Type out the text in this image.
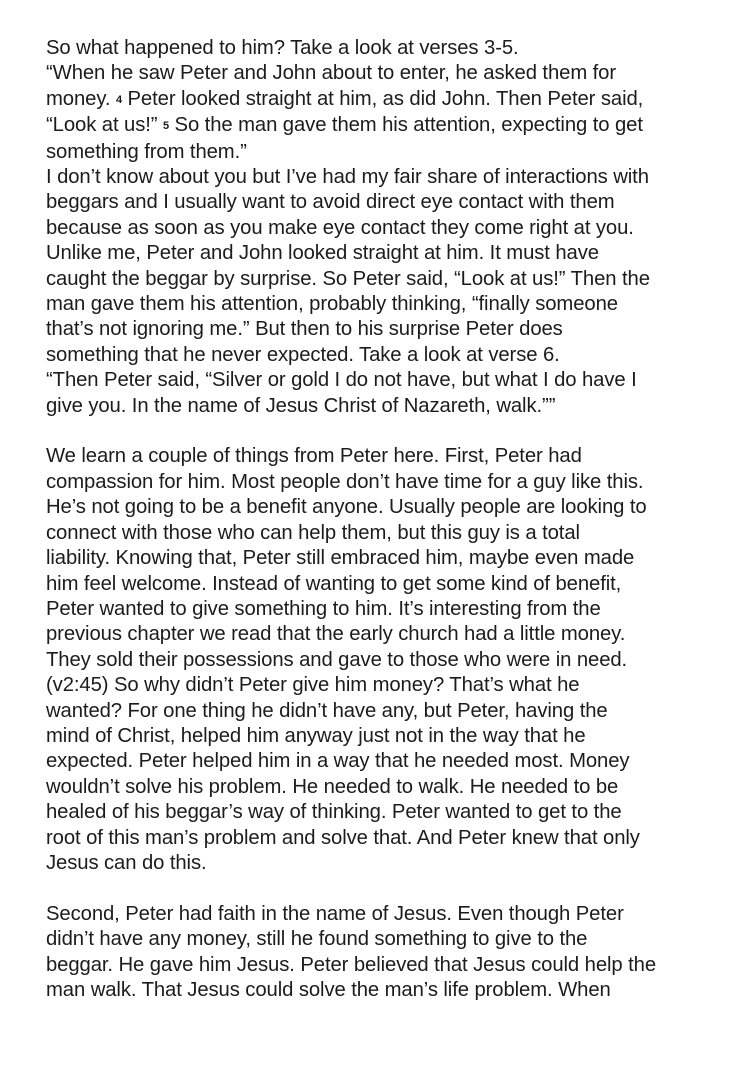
So what happened to him? Take a look at verses 3-5.
“When he saw Peter and John about to enter, he asked them for
money. 4 Peter looked straight at him, as did John. Then Peter said,
“Look at us!” 5 So the man gave them his attention, expecting to get
something from them.”
I don’t know about you but I’ve had my fair share of interactions with
beggars and I usually want to avoid direct eye contact with them
because as soon as you make eye contact they come right at you.
Unlike me, Peter and John looked straight at him. It must have
caught the beggar by surprise. So Peter said, “Look at us!” Then the
man gave them his attention, probably thinking, “finally someone
that’s not ignoring me.” But then to his surprise Peter does
something that he never expected. Take a look at verse 6.
“Then Peter said, “Silver or gold I do not have, but what I do have I
give you. In the name of Jesus Christ of Nazareth, walk.””
We learn a couple of things from Peter here. First, Peter had
compassion for him. Most people don’t have time for a guy like this.
He’s not going to be a benefit anyone. Usually people are looking to
connect with those who can help them, but this guy is a total
liability. Knowing that, Peter still embraced him, maybe even made
him feel welcome. Instead of wanting to get some kind of benefit,
Peter wanted to give something to him. It’s interesting from the
previous chapter we read that the early church had a little money.
They sold their possessions and gave to those who were in need.
(v2:45) So why didn’t Peter give him money? That’s what he
wanted? For one thing he didn’t have any, but Peter, having the
mind of Christ, helped him anyway just not in the way that he
expected. Peter helped him in a way that he needed most. Money
wouldn’t solve his problem. He needed to walk. He needed to be
healed of his beggar’s way of thinking. Peter wanted to get to the
root of this man’s problem and solve that. And Peter knew that only
Jesus can do this.
Second, Peter had faith in the name of Jesus. Even though Peter
didn’t have any money, still he found something to give to the
beggar. He gave him Jesus. Peter believed that Jesus could help the
man walk. That Jesus could solve the man’s life problem. When
